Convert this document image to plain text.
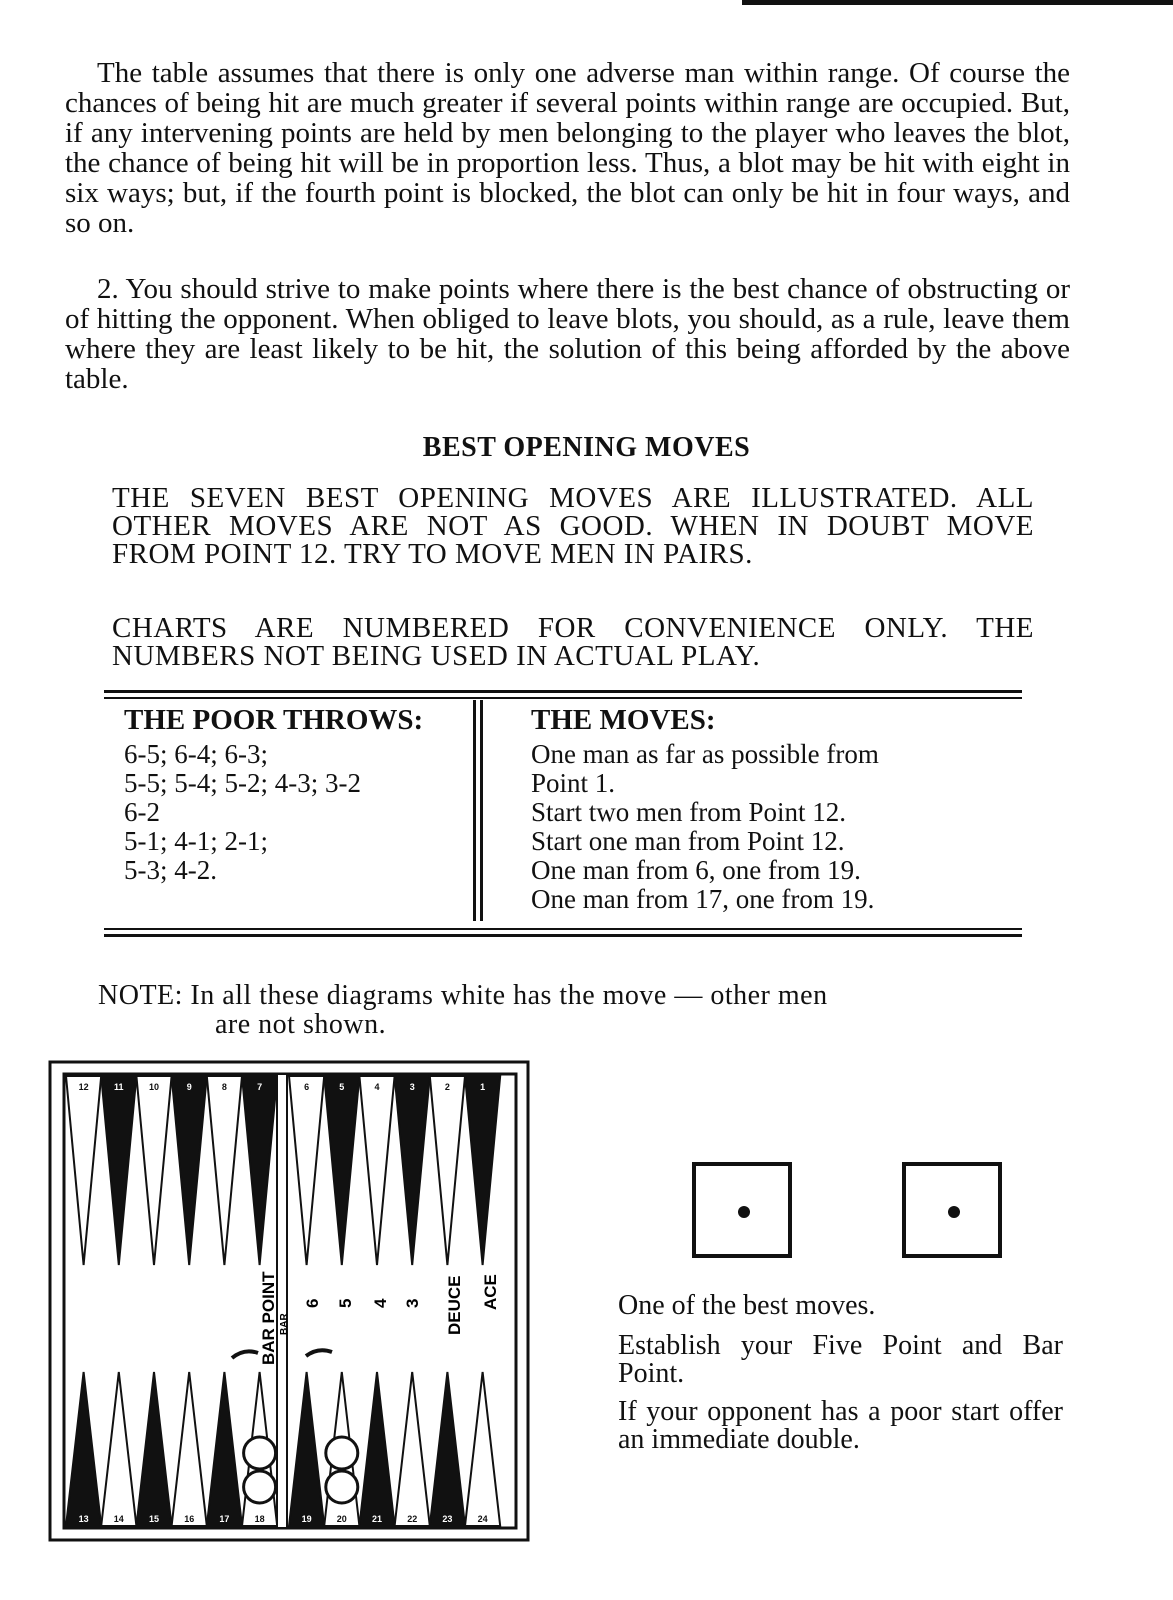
The table assumes that there is only one adverse man within range. Of course the chances of being hit are much greater if several points within range are occupied. But, if any intervening points are held by men belonging to the player who leaves the blot, the chance of being hit will be in proportion less. Thus, a blot may be hit with eight in six ways; but, if the fourth point is blocked, the blot can only be hit in four ways, and so on.

2. You should strive to make points where there is the best chance of obstructing or of hitting the opponent. When obliged to leave blots, you should, as a rule, leave them where they are least likely to be hit, the solution of this being afforded by the above table.

BEST OPENING MOVES

THE SEVEN BEST OPENING MOVES ARE ILLUSTRATED. ALL OTHER MOVES ARE NOT AS GOOD. WHEN IN DOUBT MOVE FROM POINT 12. TRY TO MOVE MEN IN PAIRS.

CHARTS ARE NUMBERED FOR CONVENIENCE ONLY. THE NUMBERS NOT BEING USED IN ACTUAL PLAY.

THE POOR THROWS:
6-5; 6-4; 6-3;
5-5; 5-4; 5-2; 4-3; 3-2
6-2
5-1; 4-1; 2-1;
5-3; 4-2.
THE MOVES:
One man as far as possible from
Point 1.
Start two men from Point 12.
Start one man from Point 12.
One man from 6, one from 19.
One man from 17, one from 19.
NOTE: In all these diagrams white has the move — other men
are not shown.
12
13
11
14
10
15
9
16
8
17
7
18
6
19
5
20
4
21
3
22
2
23
1
24
BAR
BAR POINT 6 5 4 3 DEUCE ACE	One of the best moves.

Establish your Five Point and Bar Point.

If your opponent has a poor start offer an immediate double.
